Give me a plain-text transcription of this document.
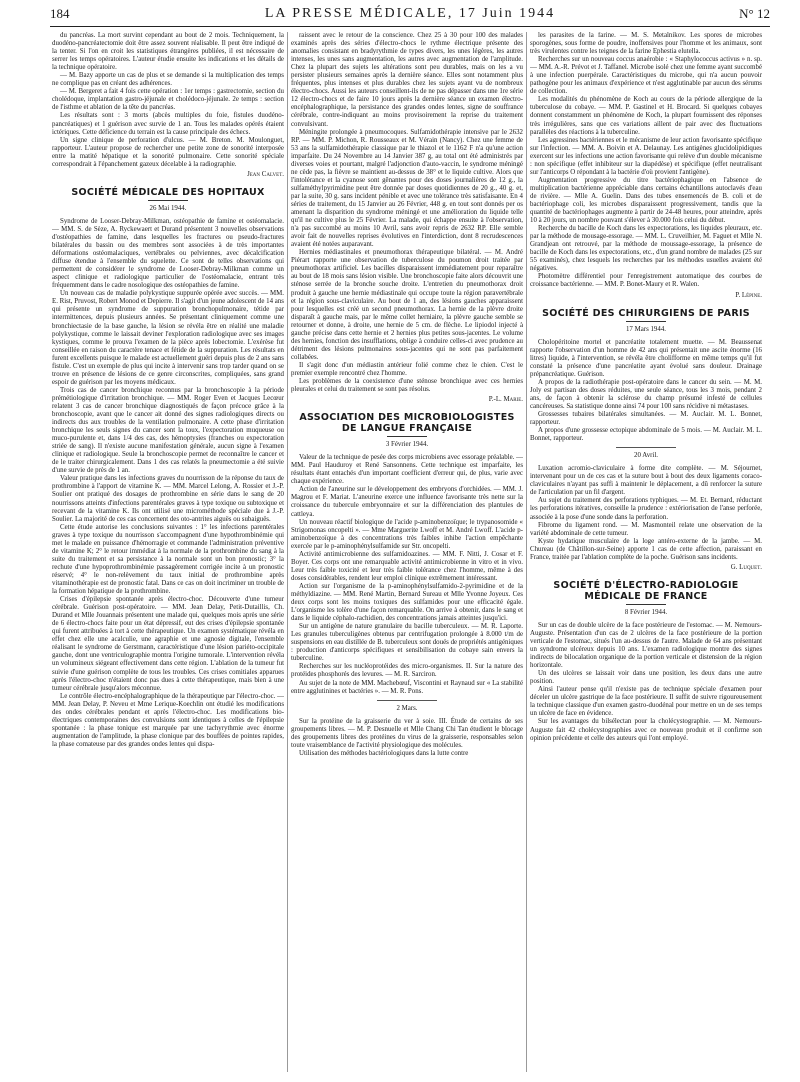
184	LA PRESSE MÉDICALE, 17 Juin 1944	N° 12

du pancréas. La mort survint cependant au bout de 2 mois. Techniquement, la duodéno-pancréatectomie doit être assez souvent réalisable. Il peut être indiqué de la tenter. Si l'on en croit les statistiques étrangères publiées, il est nécessaire de serrer les temps opératoires. L'auteur étudie ensuite les indications et les détails de la technique opératoire.

— M. Bazy apporte un cas de plus et se demande si la multiplication des temps ne complique pas en créant des adhérences.

— M. Bergeret a fait 4 fois cette opération : 1er temps : gastrectomie, section du cholédoque, implantation gastro-jéjunale et cholédoco-jéjunale. 2e temps : section de l'isthme et ablation de la tête du pancréas.

Les résultats sont : 3 morts (abcès multiples du foie, fistules duodéno-pancréatiques) et 1 guérison avec survie de 1 an. Tous les malades opérés étaient ictériques. Cette déficience du terrain est la cause principale des échecs.

Un signe clinique de perforation d'ulcus. — M. Breton. M. Moulonguet, rapporteur. L'auteur propose de rechercher une petite zone de sonorité interposée entre la matité hépatique et la sonorité pulmonaire. Cette sonorité spéciale correspondrait à l'épanchement gazeux décelable à la radiographie.

Jean Calvet.

SOCIÉTÉ MÉDICALE DES HOPITAUX
26 Mai 1944.

Syndrome de Looser-Debray-Milkman, ostéopathie de famine et ostéomalacie. — MM. S. de Sèze, A. Ryckewaert et Durand présentent 3 nouvelles observations d'ostéopathies de famine, dans lesquelles les fractures ou pseudo-fractures bilatérales du bassin ou des membres sont associées à de très importantes déformations ostéomalaciques, vertébrales ou pelviennes, avec décalcification diffuse étendue à l'ensemble du squelette. Ce sont de telles observations qui permettent de considérer le syndrome de Looser-Debray-Milkman comme un aspect clinique et radiologique particulier de l'ostéomalacie, entrant très fréquemment dans le cadre nosologique des ostéopathies de famine.

Un nouveau cas de maladie polykystique suppurée opérée avec succès. — MM. E. Rist, Pruvost, Robert Monod et Depierre. Il s'agit d'un jeune adolescent de 14 ans qui présente un syndrome de suppuration bronchopulmonaire, tétide par intermittences, depuis plusieurs années. Se présentant cliniquement comme une bronchiectasie de la base gauche, la lésion se révéla être en réalité une maladie polykystique, comme le laissait deviner l'exploration radiologique avec ses images kystiques, comme le prouva l'examen de la pièce après lobectomie. L'exérèse fut conseillée en raison du caractère tenace et fétide de la suppuration. Les résultats en furent excellents puisque le malade est actuellement guéri depuis plus de 2 ans sans fistule. C'est un exemple de plus qui incite à intervenir sans trop tarder quand on se trouve en présence de lésions de ce genre circonscrites, compliquées, sans grand espoir de guérison par les moyens médicaux.

Trois cas de cancer bronchique reconnus par la bronchoscopie à la période prémétiologique d'irritation bronchique. — MM. Roger Even et Jacques Lecœur relatent 3 cas de cancer bronchique diagnostiqués de façon précoce grâce à la bronchoscopie, avant que le cancer ait donné des signes radiologiques directs ou indirects dus aux troubles de la ventilation pulmonaire. A cette phase d'irritation bronchique les seuls signes du cancer sont la toux, l'expectoration muqueuse ou muco-purulente et, dans 1/4 des cas, des hémoptysies (franches ou expectoration striée de sang). Il n'existe aucune manifestation générale, aucun signe à l'examen clinique et radiologique. Seule la bronchoscopie permet de reconnaître le cancer et de le traiter chirurgicalement. Dans 1 des cas relatés la pneumectomie a été suivie d'une survie de près de 1 an.

Valeur pratique dans les infections graves du nourrisson de la réponse du taux de prothrombine à l'apport de vitamine K. — MM. Marcel Lelong, A. Rossier et J.-P. Soulier ont pratiqué des dosages de prothrombine en série dans le sang de 20 nourrissons atteints d'infections parentérales graves à type toxique ou subtoxique et recevant de la vitamine K. Ils ont utilisé une microméthode spéciale due à J.-P. Soulier. La majorité de ces cas concernent des oto-antrites aiguës ou subaiguës.

Cette étude autorise les conclusions suivantes : 1° les infections parentérales graves à type toxique du nourrisson s'accompagnent d'une hypothrombinémie qui met le malade en puissance d'hémorragie et commande l'administration préventive de vitamine K; 2° le retour immédiat à la normale de la prothrombine du sang à la suite du traitement et sa persistance à la normale sont un bon pronostic; 3° la rechute d'une hypoprothrombinémie passagèrement corrigée incite à un pronostic réservé; 4° le non-relèvement du taux initial de prothrombine après vitaminothérapie est de pronostic fatal. Dans ce cas on doit incriminer un trouble de la formation hépatique de la prothrombine.

Crises d'épilepsie spontanée après électro-choc. Découverte d'une tumeur cérébrale. Guérison post-opératoire. — MM. Jean Delay, Petit-Dutaillis, Ch. Durand et Mlle Jouannais présentent une malade qui, quelques mois après une série de 6 électro-chocs faite pour un état dépressif, eut des crises d'épilepsie spontanée qui furent attribuées à tort à cette thérapeutique. Un examen systématique révéla en effet chez elle une acalculie, une agraphie et une agnosie digitale, l'ensemble réalisant le syndrome de Gerstmann, caractéristique d'une lésion pariéto-occipitale gauche, dont une ventriculographie montra l'origine tumorale. L'intervention révéla un volumineux siégeant effectivement dans cette région. L'ablation de la tumeur fut suivie d'une guérison complète de tous les troubles. Ces crises comitiales apparues après l'électro-choc n'étaient donc pas dues à cette thérapeutique, mais bien à une tumeur cérébrale jusqu'alors méconnue.

Le contrôle électro-encéphalographique de la thérapeutique par l'électro-choc. — MM. Jean Delay, P. Neveu et Mme Lerique-Koechlin ont étudié les modifications des ondes cérébrales pendant et après l'électro-choc. Les modifications bio-électriques contemporaines des convulsions sont identiques à celles de l'épilepsie spontanée : la phase tonique est marquée par une tachyrythmie avec énorme augmentation de l'amplitude, la phase clonique par des bouffées de pointes rapides, la phase comateuse par des grandes ondes lentes qui dispa-

raissent avec le retour de la conscience. Chez 25 à 30 pour 100 des malades examinés après des séries d'électro-chocs le rythme électrique présente des anomalies consistant en bradyrythmie de types divers, les unes légères, les autres intenses, les unes sans augmentation, les autres avec augmentation de l'amplitude. Chez la plupart des sujets les altérations sont peu durables, mais on les a vu persister plusieurs semaines après la dernière séance. Elles sont notamment plus fréquentes, plus intenses et plus durables chez les sujets ayant vu de nombreux électro-chocs. Aussi les auteurs conseillent-ils de ne pas dépasser dans une 1re série 12 électro-chocs et de faire 10 jours après la dernière séance un examen électro-encéphalographique, la persistance des grandes ondes lentes, signe de souffrance cérébrale, contre-indiquant au moins provisoirement la reprise du traitement convulsivant.

Méningite prolongée à pneumocoques. Sulfamidothérapie intensive par le 2632 RP. — MM. P. Michon, R. Rousseaux et M. Vérain (Nancy). Chez une femme de 53 ans la sulfamidothérapie classique par le thiazol et le 1162 F n'a qu'une action imparfaite. Du 24 Novembre au 14 Janvier 387 g, au total ont été administrés par diverses voies et pourtant, malgré l'adjonction d'auto-vaccin, le syndrome méningé ne cède pas, la fièvre se maintient au-dessus de 38° et le liquide cultive. Alors que l'intolérance et la cyanose sont gênantes pour des doses journalières de 12 g., la sulfaméthylpyrimidine peut être donnée par doses quotidiennes de 20 g., 40 g. et, par la suite, 30 g. sans incident pénible et avec une tolérance très satisfaisante. En 4 séries de traitement, du 15 Janvier au 26 Février, 448 g. en tout sont donnés per os amenant la disparition du syndrome méningé et une amélioration du liquide telle qu'il ne cultive plus le 25 Février. La malade, qui échappe ensuite à l'observation, n'a pas succombé au moins 10 Avril, sans avoir repris de 2632 RP. Elle semble avoir fait de nouvelles reprises évolutives en l'interdiction, dont 8 recrudescences avaient été notées auparavant.

Hernies médiastinales et pneumothorax thérapeutique bilatéral. — M. André Piérart rapporte une observation de tuberculose du poumon droit traitée par pneumothorax artificiel. Les bacilles disparaissent immédiatement pour reparaître au bout de 18 mois sans lésion visible. Une bronchoscopie faite alors découvrit une sténose serrée de la bronche souche droite. L'entretien du pneumothorax droit produit à gauche une hernie médiastinale qui occupe toute la région paravertébrale et la région sous-claviculaire. Au bout de 1 an, des lésions gauches apparaissent pour lesquelles est créé un second pneumothorax. La hernie de la plèvre droite disparaît à gauche mais, par le même collet herniaire, la plèvre gauche semble se retourner et donne, à droite, une hernie de 5 cm. de flèche. Le lipiodol injecté à gauche précise dans cette hernie et 2 hernies plus petites sous-jacentes. Le volume des hernies, fonction des insufflations, oblige à conduire celles-ci avec prudence au détriment des lésions pulmonaires sous-jacentes qui ne sont pas parfaitement collabées.

Il s'agit donc d'un médiastin antérieur folié comme chez le chien. C'est le premier exemple rencontré chez l'homme.

Les problèmes de la coexistence d'une sténose bronchique avec ces hernies pleurales et celui du traitement se sont pas résolus.

P.-L. Marie.

ASSOCIATION DES MICROBIOLOGISTES DE LANGUE FRANÇAISE
3 Février 1944.

Valeur de la technique de pesée des corps microbiens avec essorage préalable. — MM. Paul Hauduroy et René Sansonnens. Cette technique est imparfaite, les résultats étant entachés d'un important coefficient d'erreur qui, de plus, varie avec chaque expérience.

Action de l'aneurine sur le développement des embryons d'orchidées. — MM. J. Magrou et F. Mariat. L'aneurine exerce une influence favorisante très nette sur la croissance du tubercule embryonnaire et sur la différenciation des plantules de cattleya.

Un nouveau réactif biologique de l'acide p-aminobenzoïque; le trypanosomide « Strigomonas oncopelti ». — Mme Marguerite Lwoff et M. André Lwoff. L'acide p-aminobenzoïque à des concentrations très faibles inhibe l'action empêchante exercée par le p-aminophénylsulfamide sur Str. oncopelti.

Activité antimicrobienne des sulfamidoazines. — MM. F. Nitti, J. Cosar et F. Boyer. Ces corps ont une remarquable activité antimicrobienne in vitro et in vivo. Leur très faible toxicité et leur très faible tolérance chez l'homme, même à des doses considérables, rendent leur emploi clinique extrêmement intéressant.

Action sur l'organisme de la p-aminophénylsulfamido-2-pyrimidine et de la méthyldiazine. — MM. René Martin, Bernard Sureau et Mlle Yvonne Joyeux. Ces deux corps sont les moins toxiques des sulfamides pour une efficacité égale. L'organisme les tolère d'une façon remarquable. On arrive à obtenir, dans le sang et dans le liquide céphalo-rachidien, des concentrations jamais atteintes jusqu'ici.

Sur un antigène de nature granulaire du bacille tuberculeux. — M. R. Laporte. Les granules tuberculigènes obtenus par centrifugation prolongée à 8.000 t/m de suspensions en eau distillée de B. tuberculeux sont doués de propriétés antigéniques : production d'anticorps spécifiques et sensibilisation du cobaye sain envers la tuberculine.

Recherches sur les nucléoprotéides des micro-organismes. II. Sur la nature des protéides phosphorés des levures. — M. R. Sarciron.

Au sujet de la note de MM. Machebœuf, Viscontini et Raynaud sur « La stabilité entre agglutinines et bactéries ». — M. R. Pons.

2 Mars.

Sur la protéine de la graisserie du ver à soie. III. Étude de certains de ses groupements libres. — M. P. Desnuelle et Mlle Chang Chi Tan étudient le blocage des groupements libres des protéines du virus de la graisserie, responsables selon toute vraisemblance de l'activité physiologique des molécules.

Utilisation des méthodes bactériologiques dans la lutte contre

les parasites de la farine. — M. S. Metalnikov. Les spores de microbes sporogènes, sous forme de poudre, inoffensives pour l'homme et les animaux, sont très virulentes contre les teignes de la farine Ephestia elutella.

Recherches sur un nouveau coccus anaérobie : « Staphylococcus activus » n. sp. — MM. A.-R. Prévot et J. Taffanel. Microbe isolé chez une femme ayant succombé à une infection puerpérale. Caractéristiques du microbe, qui n'a aucun pouvoir pathogène pour les animaux d'expérience et n'est agglutinable par aucun des sérums de collection.

Les modalités du phénomène de Koch au cours de la période allergique de la tuberculose du cobaye. — MM. P. Gastinel et H. Brocard. Si quelques cobayes donnent constamment un phénomène de Koch, la plupart fournissent des réponses très irrégulières, sans que ces variations aillent de pair avec des fluctuations parallèles des réactions à la tuberculine.

Les agressines bactériennes et le mécanisme de leur action favorisante spécifique sur l'infection. — MM. A. Boivin et A. Delaunay. Les antigènes glucidolipidiques exercent sur les infections une action favorisante qui relève d'un double mécanisme : non spécifique (effet inhibiteur sur la diapédèse) et spécifique (effet neutralisant sur l'anticorps O répondant à la bactérie d'où provient l'antigène).

Augmentation progressive du titre bactériophagique en l'absence de multiplication bactérienne appréciable dans certains échantillons autoclavés d'eau de rivière. — Mlle A. Guelin. Dans des tubes ensemencés de B. coli et de bactériophage coli, les microbes disparaissent progressivement, tandis que la quantité de bactériophages augmente à partir de 24-48 heures, pour atteindre, après 10 à 20 jours, un nombre pouvant s'élever à 30.000 fois celui du début.

Recherche du bacille de Koch dans les expectorations, les liquides pleuraux, etc. par la méthode de mousage-essorage. — MM. L. Cruveilhier, M. Faguet et Mlle N. Grandjean ont retrouvé, par la méthode de moussage-essorage, la présence de bacille de Koch dans les expectorations, etc., d'un grand nombre de malades (25 sur 55 examinés), chez lesquels les recherches par les méthodes usuelles avaient été négatives.

Photomètre différentiel pour l'enregistrement automatique des courbes de croissance bactérienne. — MM. P. Bonet-Maury et R. Walen.

P. Lépine.

SOCIÉTÉ DES CHIRURGIENS DE PARIS
17 Mars 1944.

Cholopéritoine mortel et pancréatite totalement muette. — M. Beaussenat rapporte l'observation d'un homme de 42 ans qui présentait une ascite énorme (16 litres) liquide, à l'intervention, se révéla être cholifforme en même temps qu'il fut constaté la présence d'une pancréatite ayant évolué sans douleur. Drainage prépancréatique. Guérison.

A propos de la radiothérapie post-opératoire dans le cancer du sein. — M. M. Joly est partisan des doses réduites, une seule séance, tous les 3 mois, pendant 2 ans, de façon à obtenir la sclérose du champ présumé infesté de cellules cancéreuses. Sa statistique donne ainsi 74 pour 100 sans récidive ni métastases.

Grossesses tubaires bilatérales simultanées. — M. Auclair. M. L. Bonnet, rapporteur.

A propos d'une grossesse ectopique abdominale de 5 mois. — M. Auclair. M. L. Bonnet, rapporteur.

20 Avril.

Luxation acromio-claviculaire à forme dite complète. — M. Séjournet, intervenant pour un de ces cas et la suture bout à bout des deux ligaments coraco-claviculaires n'ayant pas suffi à maintenir le déplacement, a dû renforcer la suture de l'articulation par un fil d'argent.

Au sujet du traitement des perforations typhiques. — M. Et. Bernard, réductant les perforations itératives, conseille la prudence : extériorisation de l'anse perforée, associée à la pose d'une sonde dans la perforation.

Fibrome du ligament rond. — M. Masmonteil relate une observation de la variété abdominale de cette tumeur.

Kyste hydatique musculaire de la loge antéro-externe de la jambe. — M. Chureau (de Châtillon-sur-Seine) apporte 1 cas de cette affection, paraissant en France, traitée par l'ablation complète de la poche. Guérison sans incidents.

G. Luquet.

SOCIÉTÉ D'ÉLECTRO-RADIOLOGIE MÉDICALE DE FRANCE
8 Février 1944.

Sur un cas de double ulcère de la face postérieure de l'estomac. — M. Nemours-Auguste. Présentation d'un cas de 2 ulcères de la face postérieure de la portion verticale de l'estomac, situés l'un au-dessus de l'autre. Malade de 64 ans présentant un syndrome ulcéreux depuis 10 ans. L'examen radiologique montre des signes indirects de bilocalation organique de la portion verticale et distension de la région horizontale.

Un des ulcères se laissait voir dans une position, les deux dans une autre position.

Ainsi l'auteur pense qu'il n'existe pas de technique spéciale d'examen pour déceler un ulcère gastrique de la face postérieure. Il suffit de suivre rigoureusement la technique classique d'un examen gastro-duodénal pour mettre en un de ses temps un ulcère de face en évidence.

Sur les avantages du bilsélectan pour la cholécystographie. — M. Nemours-Auguste fait 42 cholécystographies avec ce nouveau produit et il confirme son opinion précédente et celle des auteurs qui l'ont employé.
